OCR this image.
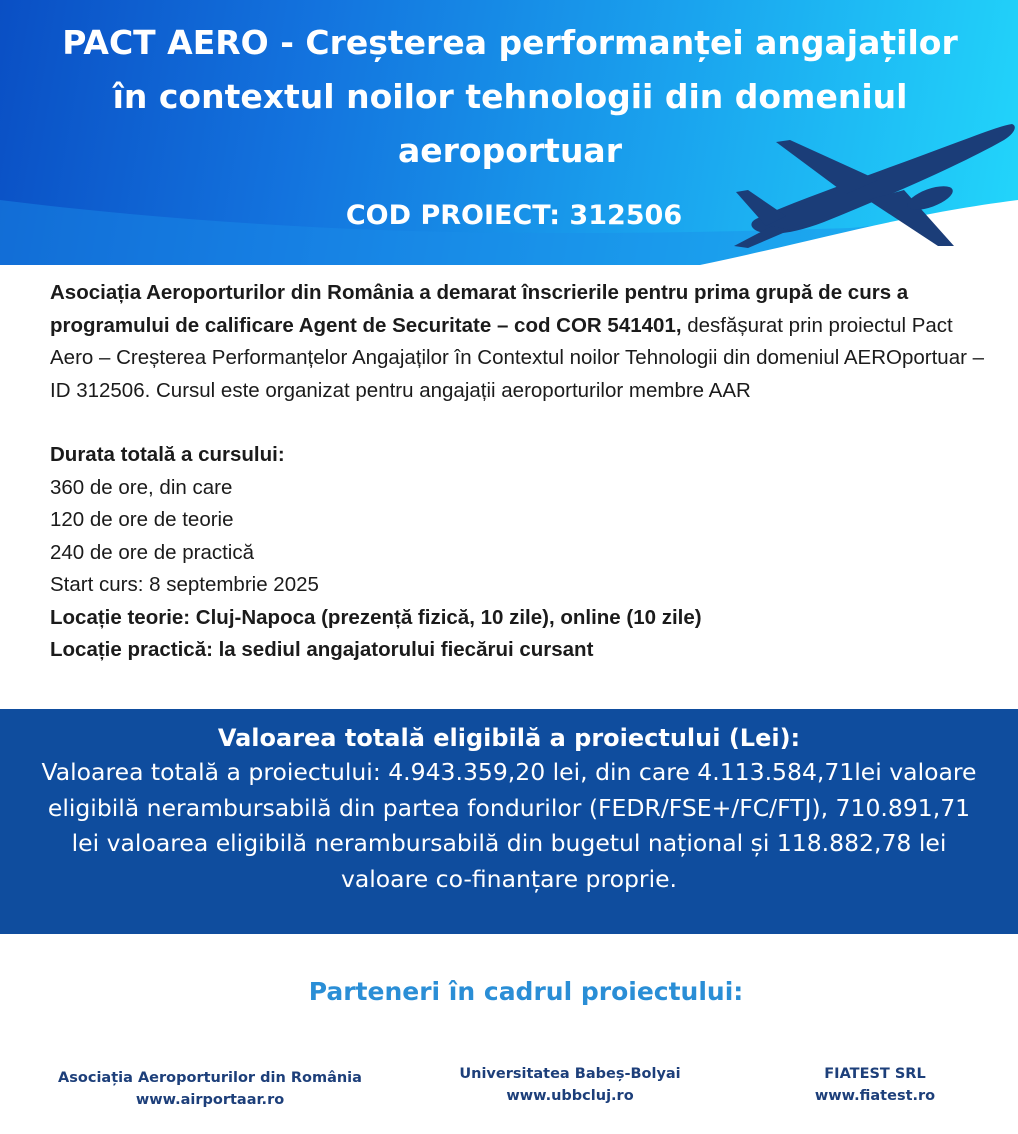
PACT AERO - Creșterea performanței angajaților în contextul noilor tehnologii din domeniul aeroportuar
COD PROIECT: 312506

Asociația Aeroporturilor din România a demarat înscrierile pentru prima grupă de curs a programului de calificare Agent de Securitate – cod COR 541401, desfășurat prin proiectul Pact Aero – Creșterea Performanțelor Angajaților în Contextul noilor Tehnologii din domeniul AEROportuar – ID 312506. Cursul este organizat pentru angajații aeroporturilor membre AAR

Durata totală a cursului:

360 de ore, din care

120 de ore de teorie

240 de ore de practică

Start curs: 8 septembrie 2025

Locație teorie: Cluj-Napoca (prezență fizică, 10 zile), online (10 zile)

Locație practică: la sediul angajatorului fiecărui cursant

Valoarea totală eligibilă a proiectului (Lei):

Valoarea totală a proiectului: 4.943.359,20 lei, din care 4.113.584,71lei valoare eligibilă nerambursabilă din partea fondurilor (FEDR/FSE+/FC/FTJ), 710.891,71 lei valoarea eligibilă nerambursabilă din bugetul național și 118.882,78 lei valoare co-finanțare proprie.

Parteneri în cadrul proiectului:
Asociația Aeroporturilor din România
www.airportaar.ro
Universitatea Babeș-Bolyai
www.ubbcluj.ro
FIATEST SRL
www.fiatest.ro
